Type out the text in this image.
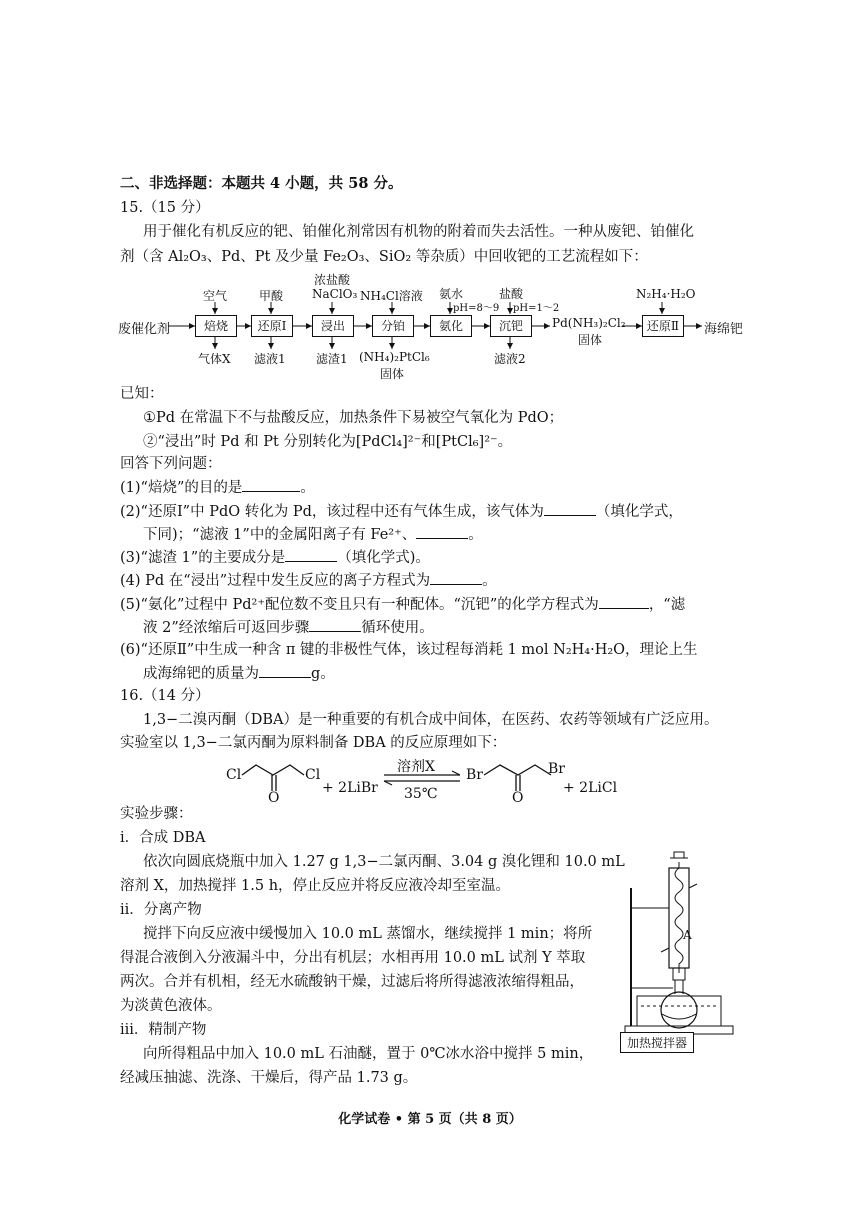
二、非选择题：本题共 4 小题，共 58 分。
15.（15 分）
用于催化有机反应的钯、铂催化剂常因有机物的附着而失去活性。一种从废钯、铂催化
剂（含 Al₂O₃、Pd、Pt 及少量 Fe₂O₃、SiO₂ 等杂质）中回收钯的工艺流程如下：
废催化剂	焙烧	还原Ⅰ	浸出	分铂	氨化	沉钯	还原Ⅱ	海绵钯
空气	甲酸
浓盐酸
NaClO₃ NH₄Cl溶液 氨水
pH=8～9
盐酸
pH=1～2
N₂H₄·H₂O
气体X 滤液1	滤渣1 (NH₄)₂PtCl₆
固体
滤液2
Pd(NH₃)₂Cl₂
固体
已知：
①Pd 在常温下不与盐酸反应，加热条件下易被空气氧化为 PdO；
②“浸出”时 Pd 和 Pt 分别转化为[PdCl₄]²⁻和[PtCl₆]²⁻。
回答下列问题：
(1)“焙烧”的目的是	。
(2)“还原Ⅰ”中 PdO 转化为 Pd，该过程中还有气体生成，该气体为	（填化学式，
下同)；“滤液 1”中的金属阳离子有 Fe²⁺、	。
(3)“滤渣 1”的主要成分是	（填化学式)。
(4) Pd 在“浸出”过程中发生反应的离子方程式为	。
(5)“氨化”过程中 Pd²⁺配位数不变且只有一种配体。“沉钯”的化学方程式为	，“滤
液 2”经浓缩后可返回步骤	循环使用。
(6)“还原Ⅱ”中生成一种含 π 键的非极性气体，该过程每消耗 1 mol N₂H₄·H₂O，理论上生
成海绵钯的质量为	g。
16.（14 分）
1,3−二溴丙酮（DBA）是一种重要的有机合成中间体，在医药、农药等领域有广泛应用。
实验室以 1,3−二氯丙酮为原料制备 DBA 的反应原理如下：
Cl	Cl
O
+ 2LiBr
溶剂X
35℃
Br	Br
O
+ 2LiCl
实验步骤：
ⅰ．合成 DBA
依次向圆底烧瓶中加入 1.27 g 1,3−二氯丙酮、3.04 g 溴化锂和 10.0 mL
溶剂 X，加热搅拌 1.5 h，停止反应并将反应液冷却至室温。
ⅱ．分离产物
搅拌下向反应液中缓慢加入 10.0 mL 蒸馏水，继续搅拌 1 min；将所
得混合液倒入分液漏斗中，分出有机层；水相再用 10.0 mL 试剂 Y 萃取
两次。合并有机相，经无水硫酸钠干燥，过滤后将所得滤液浓缩得粗品，
为淡黄色液体。
ⅲ．精制产物
向所得粗品中加入 10.0 mL 石油醚，置于 0℃冰水浴中搅拌 5 min，
经减压抽滤、洗涤、干燥后，得产品 1.73 g。
A
加热搅拌器
化学试卷 • 第 5 页（共 8 页）
